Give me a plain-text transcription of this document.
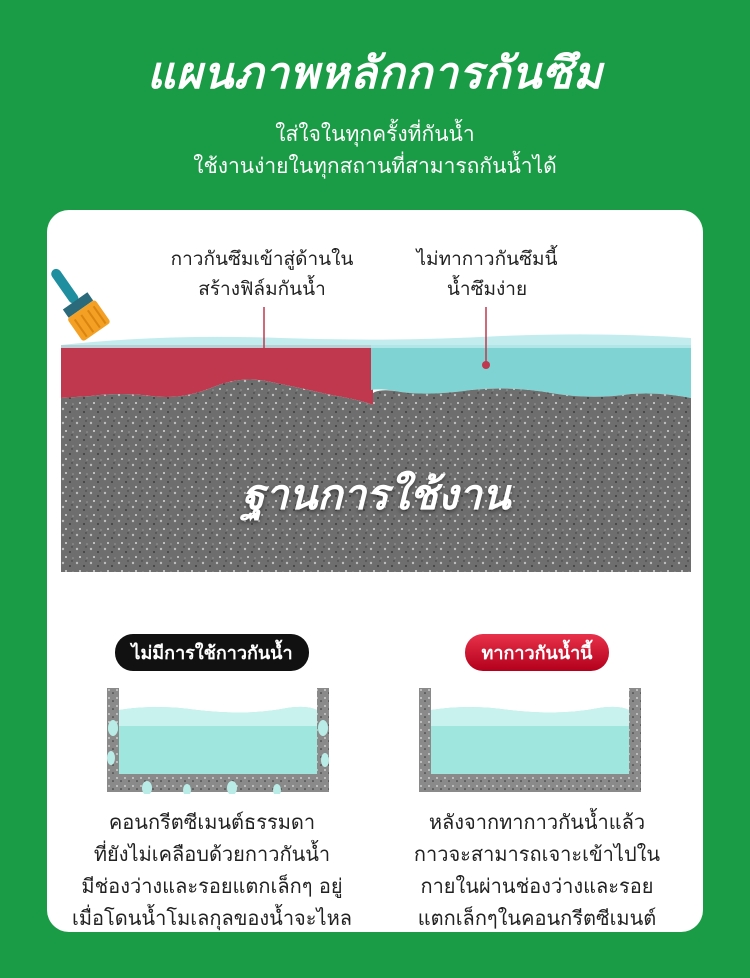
แผนภาพหลักการกันซึม
ใส่ใจในทุกครั้งที่กันน้ำ
ใช้งานง่ายในทุกสถานที่สามารถกันน้ำได้
กาวกันซึมเข้าสู่ด้านใน
สร้างฟิล์มกันน้ำ
ไม่ทากาวกันซึมนี้
น้ำซึมง่าย
ฐานการใช้งาน
ไม่มีการใช้กาวกันน้ำ
คอนกรีตซีเมนต์ธรรมดา
ที่ยังไม่เคลือบด้วยกาวกันน้ำ
มีช่องว่างและรอยแตกเล็กๆ อยู่
เมื่อโดนน้ำโมเลกุลของน้ำจะไหล
ทากาวกันน้ำนี้
หลังจากทากาวกันน้ำแล้ว
กาวจะสามารถเจาะเข้าไปใน
กายในผ่านช่องว่างและรอย
แตกเล็กๆในคอนกรีตซีเมนต์
